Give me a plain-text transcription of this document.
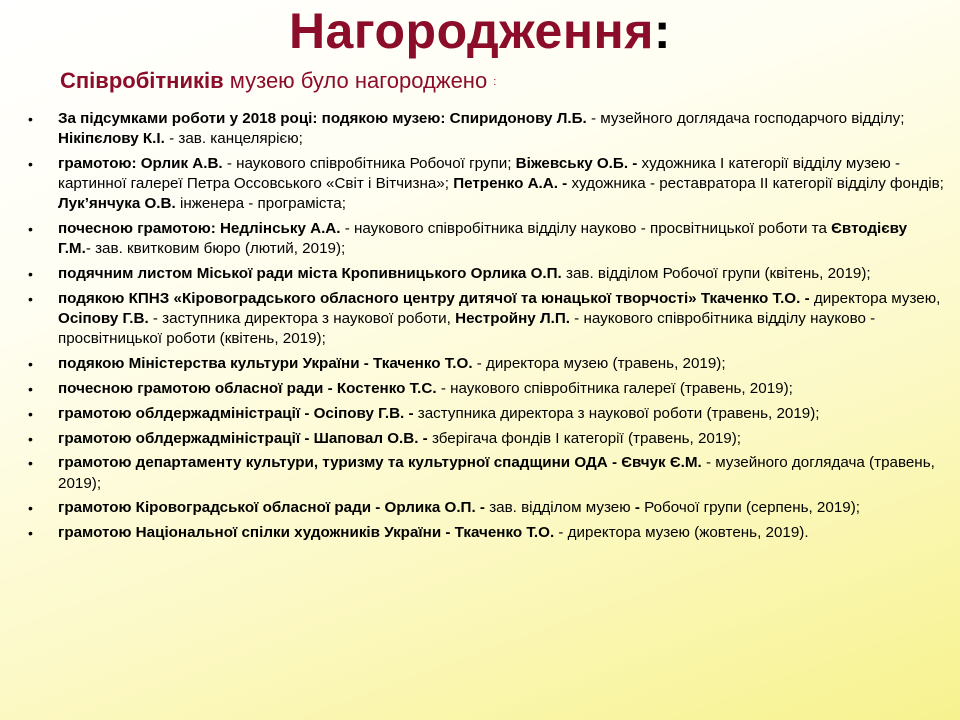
Нагородження:
Співробітників музею було нагороджено :
• За підсумками роботи у 2018 році: подякою музею: Спиридонову Л.Б. - музейного доглядача господарчого відділу; Нікіпєлову К.І. - зав. канцелярією;
• грамотою: Орлик А.В. - наукового співробітника Робочої групи; Віжевську О.Б. - художника І категорії відділу музею - картинної галереї Петра Оссовського «Світ і Вітчизна»; Петренко А.А. - художника - реставратора ІІ категорії відділу фондів; Лук’янчука О.В. інженера - програміста;
• почесною грамотою: Недлінську А.А. - наукового співробітника відділу науково - просвітницької роботи та Євтодієву Г.М.- зав. квитковим бюро (лютий, 2019);
• подячним листом Міської ради міста Кропивницького Орлика О.П. зав. відділом Робочої групи (квітень, 2019);
• подякою КПНЗ «Кіровоградського обласного центру дитячої та юнацької творчості» Ткаченко Т.О. - директора музею, Осіпову Г.В. - заступника директора з наукової роботи, Нестройну Л.П. - наукового співробітника відділу науково - просвітницької роботи (квітень, 2019);
• подякою Міністерства культури України - Ткаченко Т.О. - директора музею (травень, 2019);
• почесною грамотою обласної ради - Костенко Т.С. - наукового співробітника галереї (травень, 2019);
• грамотою облдержадміністрації - Осіпову Г.В. - заступника директора з наукової роботи (травень, 2019);
• грамотою облдержадміністрації - Шаповал О.В. - зберігача фондів І категорії (травень, 2019);
• грамотою департаменту культури, туризму та культурної спадщини ОДА - Євчук Є.М. - музейного доглядача (травень, 2019);
• грамотою Кіровоградської обласної ради - Орлика О.П. - зав. відділом музею - Робочої групи (серпень, 2019);
• грамотою Національної спілки художників України - Ткаченко Т.О. - директора музею (жовтень, 2019).
